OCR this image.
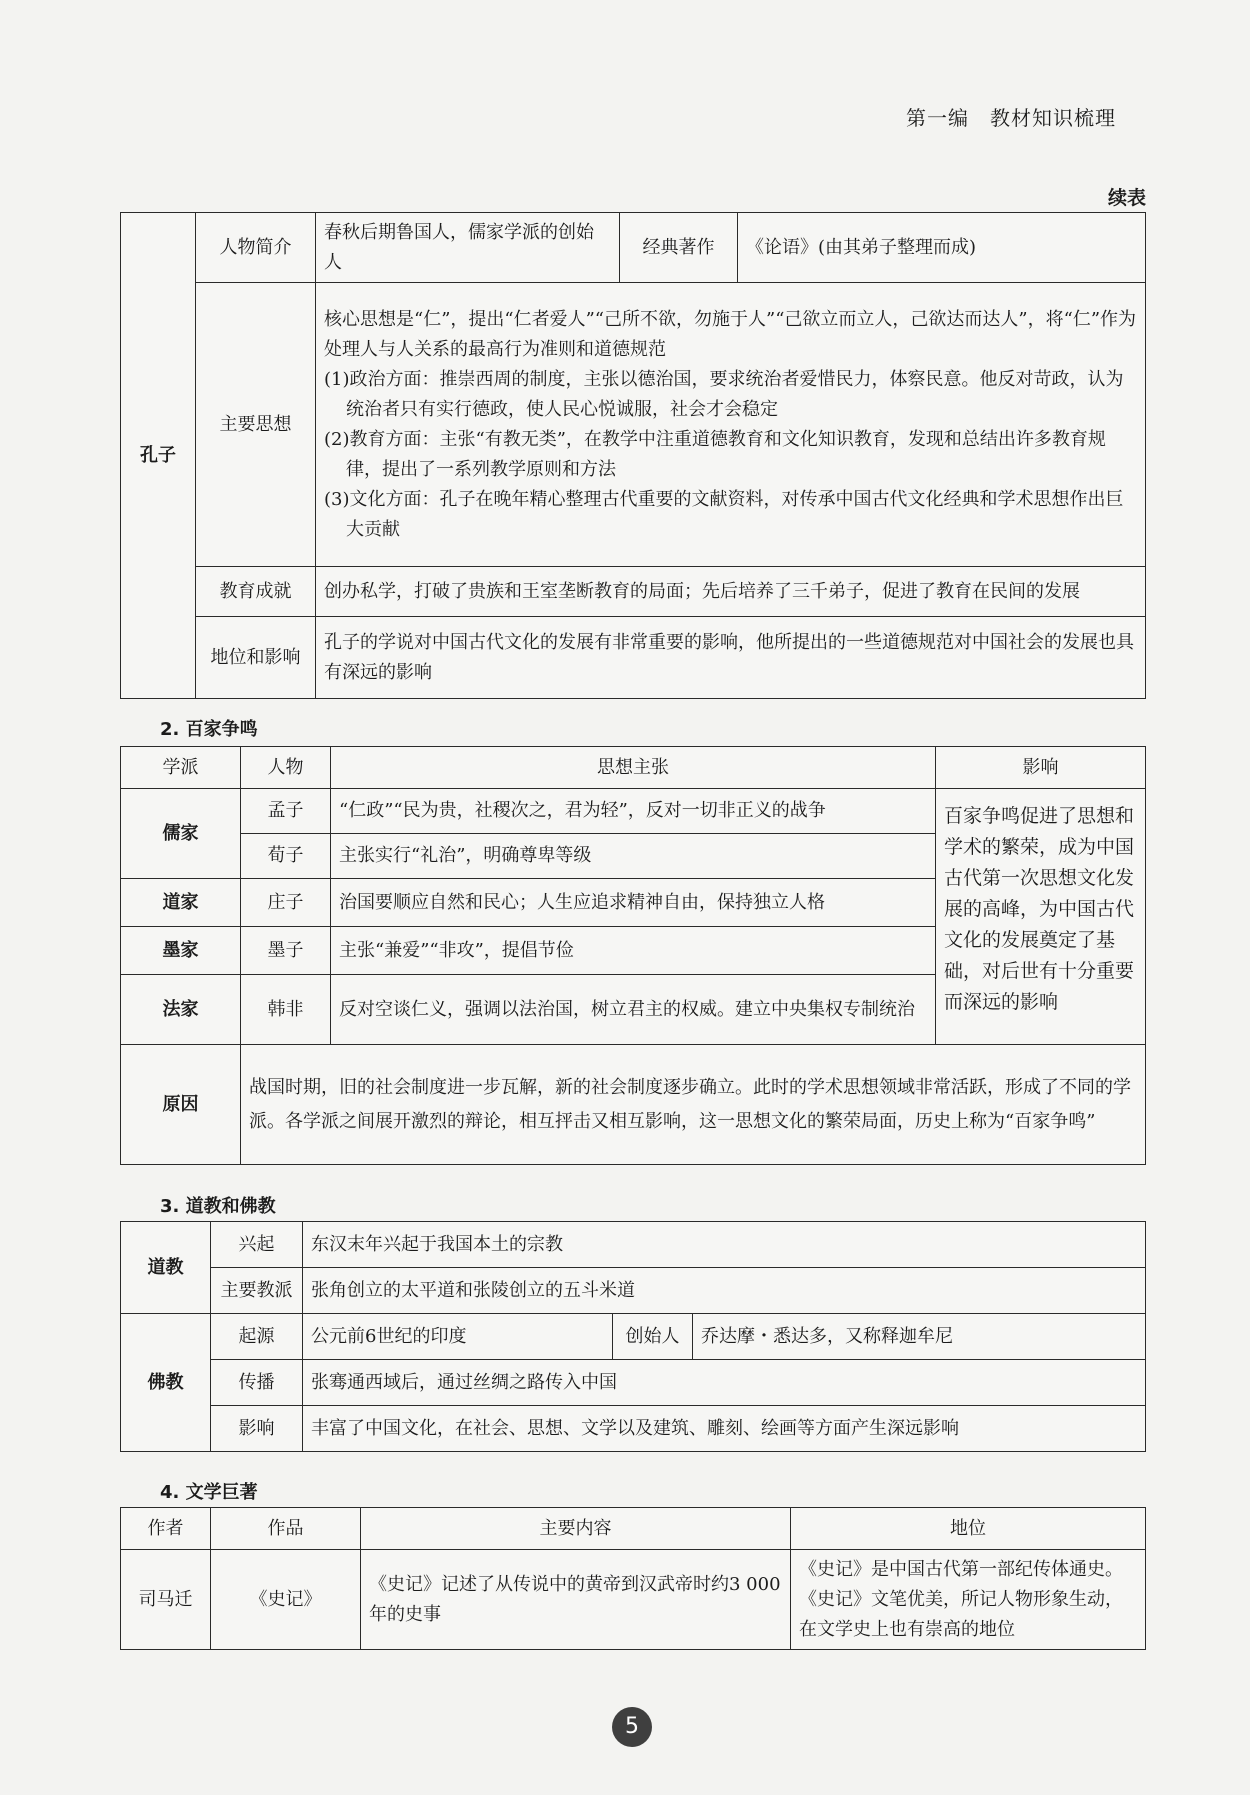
第一编　教材知识梳理
续表
孔子	人物简介	春秋后期鲁国人，儒家学派的创始人	经典著作	《论语》(由其弟子整理而成)
	主要思想	核心思想是“仁”，提出“仁者爱人”“己所不欲，勿施于人”“己欲立而立人，己欲达而达人”，将“仁”作为处理人与人关系的最高行为准则和道德规范
(1)政治方面：推崇西周的制度，主张以德治国，要求统治者爱惜民力，体察民意。他反对苛政，认为统治者只有实行德政，使人民心悦诚服，社会才会稳定
(2)教育方面：主张“有教无类”，在教学中注重道德教育和文化知识教育，发现和总结出许多教育规律，提出了一系列教学原则和方法
(3)文化方面：孔子在晚年精心整理古代重要的文献资料，对传承中国古代文化经典和学术思想作出巨大贡献		

	教育成就	创办私学，打破了贵族和王室垄断教育的局面；先后培养了三千弟子，促进了教育在民间的发展		
	地位和影响	孔子的学说对中国古代文化的发展有非常重要的影响，他所提出的一些道德规范对中国社会的发展也具有深远的影响		
2. 百家争鸣
学派	人物	思想主张	影响
儒家	孟子	“仁政”“民为贵，社稷次之，君为轻”，反对一切非正义的战争	百家争鸣促进了思想和学术的繁荣，成为中国古代第一次思想文化发展的高峰，为中国古代文化的发展奠定了基础，对后世有十分重要而深远的影响
	荀子	主张实行“礼治”，明确尊卑等级	
道家	庄子	治国要顺应自然和民心；人生应追求精神自由，保持独立人格	
墨家	墨子	主张“兼爱”“非攻”，提倡节俭	
法家	韩非	反对空谈仁义，强调以法治国，树立君主的权威。建立中央集权专制统治	
原因	战国时期，旧的社会制度进一步瓦解，新的社会制度逐步确立。此时的学术思想领域非常活跃，形成了不同的学派。各学派之间展开激烈的辩论，相互抨击又相互影响，这一思想文化的繁荣局面，历史上称为“百家争鸣”		
3. 道教和佛教
道教	兴起	东汉末年兴起于我国本土的宗教		
	主要教派	张角创立的太平道和张陵创立的五斗米道		
佛教	起源	公元前6世纪的印度	创始人	乔达摩・悉达多，又称释迦牟尼
	传播	张骞通西域后，通过丝绸之路传入中国		
	影响	丰富了中国文化，在社会、思想、文学以及建筑、雕刻、绘画等方面产生深远影响		
4. 文学巨著
作者	作品	主要内容	地位
司马迁	《史记》	《史记》记述了从传说中的黄帝到汉武帝时约3 000年的史事	《史记》是中国古代第一部纪传体通史。
《史记》文笔优美，所记人物形象生动，在文学史上也有崇高的地位
5
